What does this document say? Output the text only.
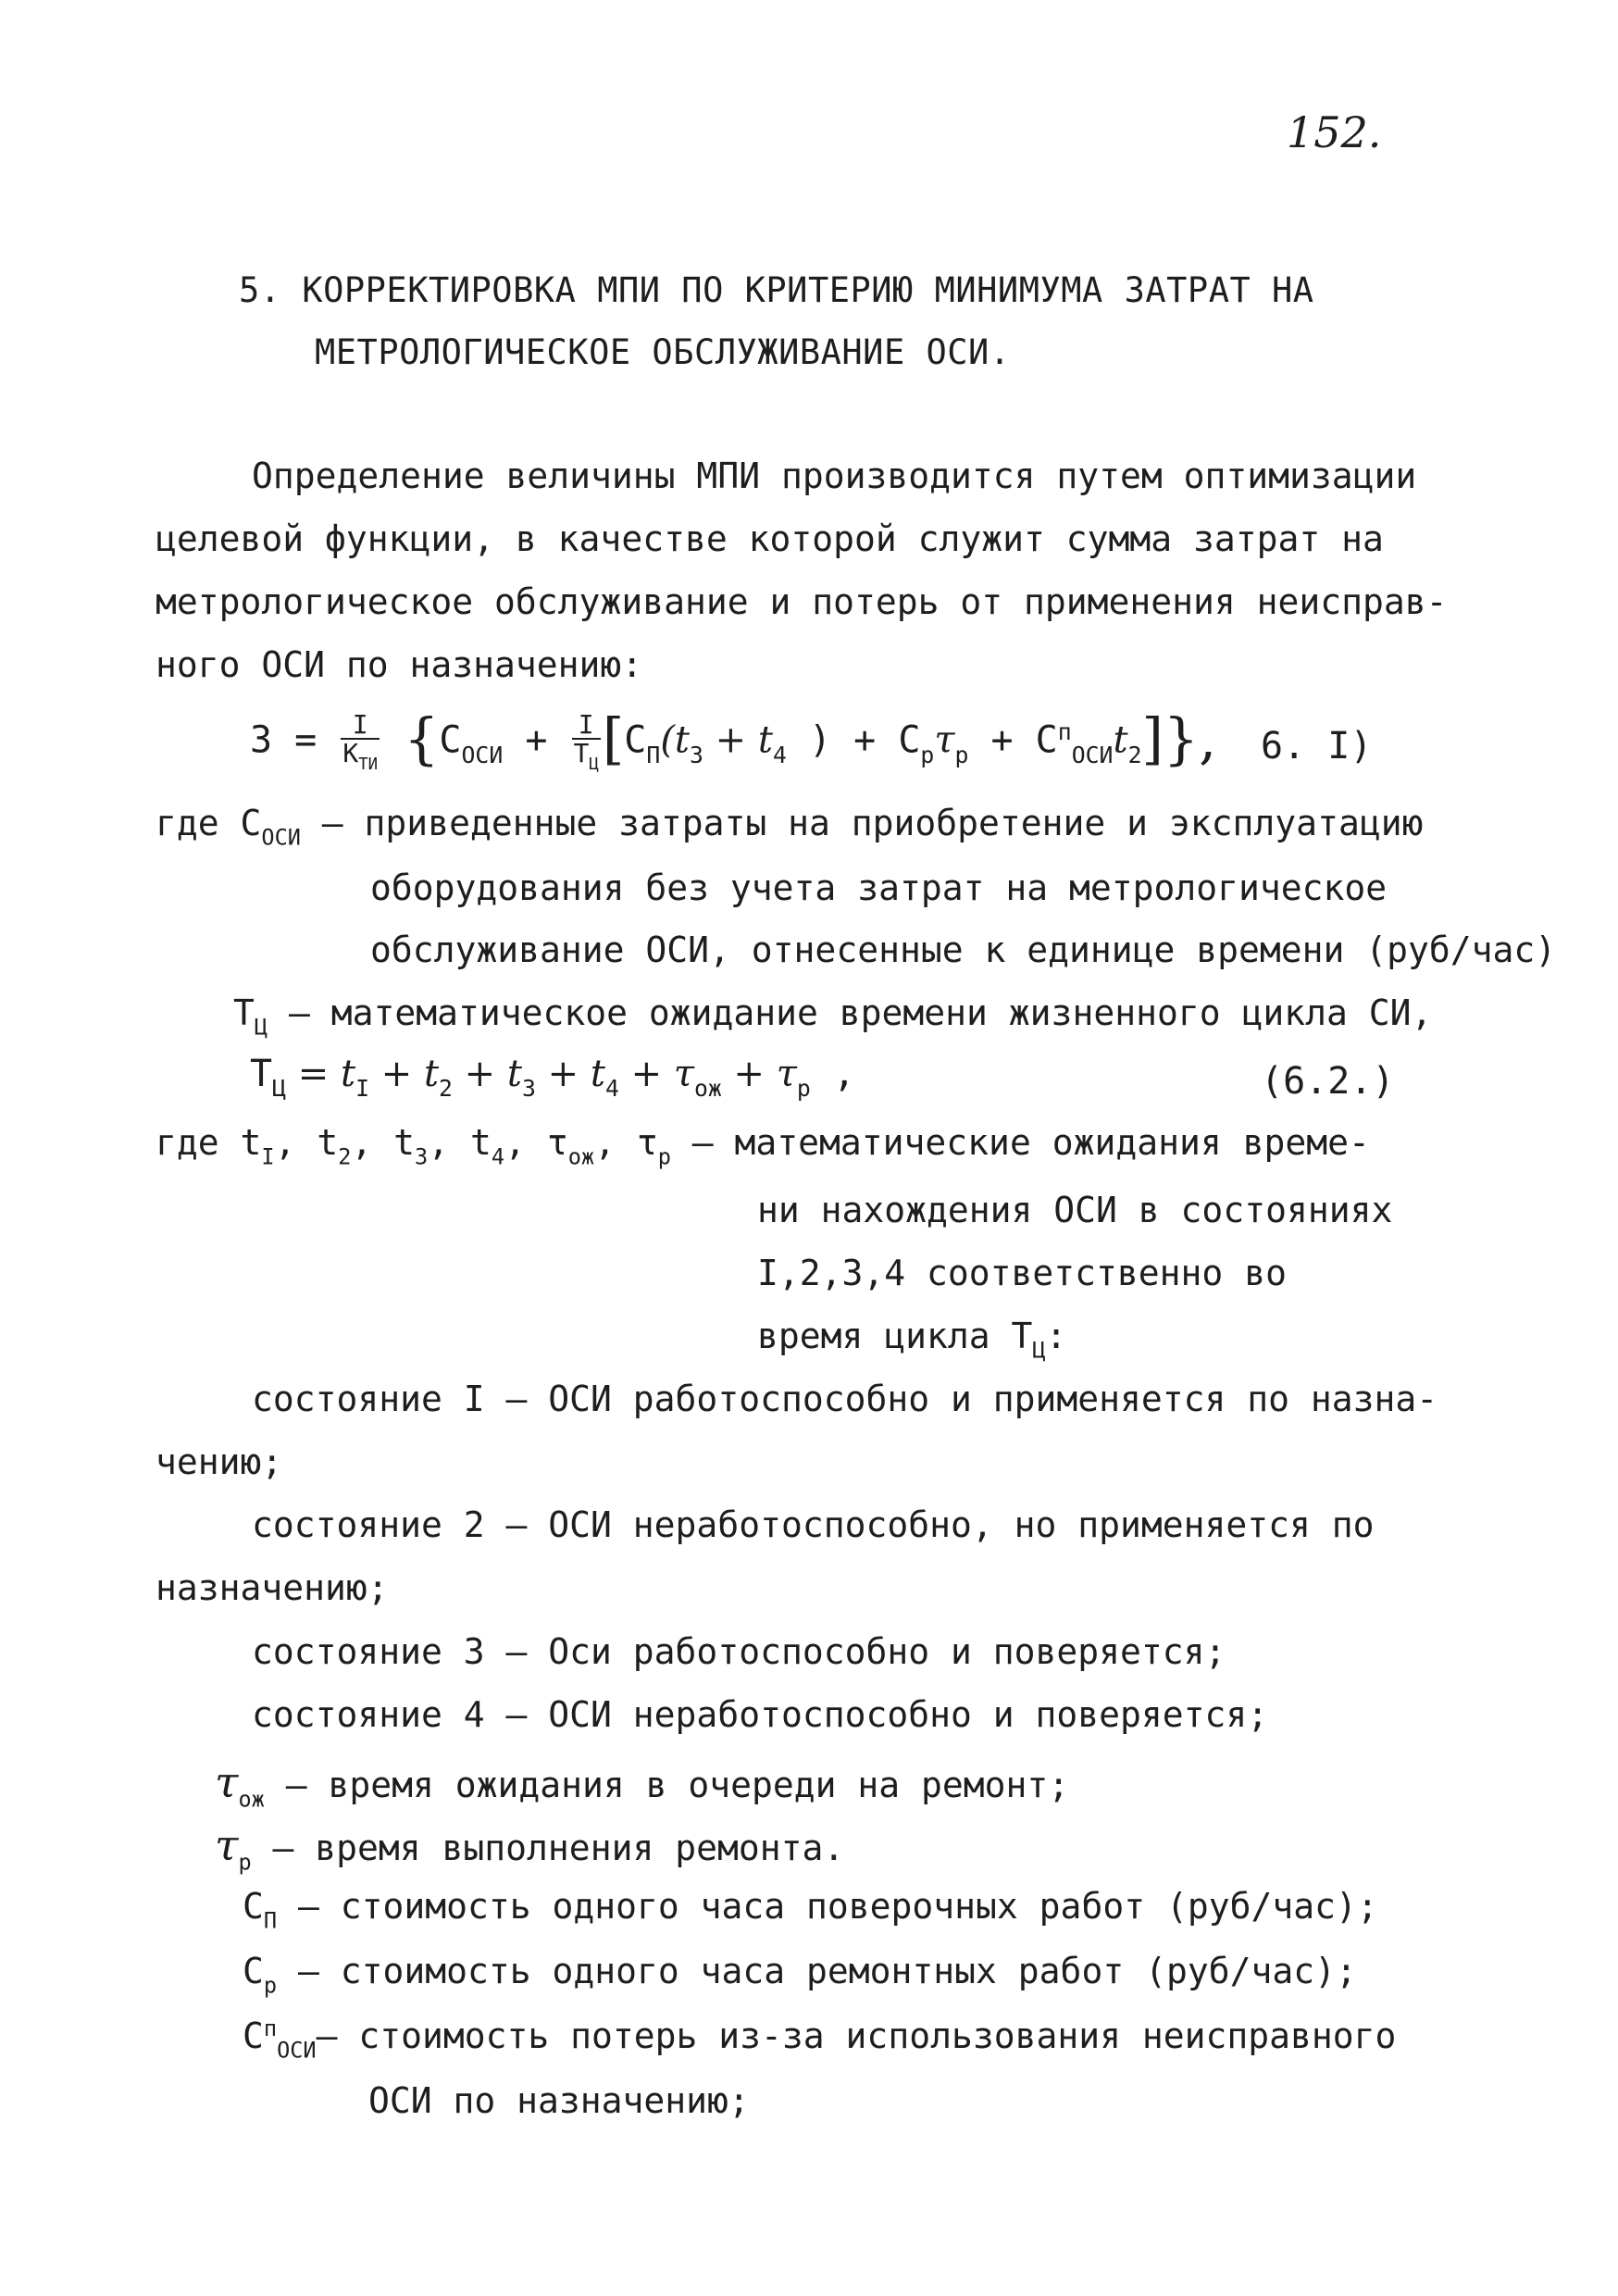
152.
5. КОРРЕКТИРОВКА МПИ ПО КРИТЕРИЮ МИНИМУМА ЗАТРАТ НА
МЕТРОЛОГИЧЕСКОЕ ОБСЛУЖИВАНИЕ ОСИ.
Определение величины МПИ производится путем оптимизации
целевой функции, в качестве которой служит сумма затрат на
метрологическое обслуживание и потерь от применения неисправ-
ного ОСИ по назначению:
$З = \frac{I}{K_{ТИ}} \{C_{ОСИ} + \frac{I}{T_Ц} [C_П(t_3 + t_4$ ) + $C_p\tau_p + C^п_{ОСИ}t_2$]}, 6. I)
где $C_{ОСИ}$ – приведенные затраты на приобретение и эксплуатацию
оборудования без учета затрат на метрологическое
обслуживание ОСИ, отнесенные к единице времени (руб/час)
$T_Ц$ – математическое ожидание времени жизненного цикла СИ,
$T_Ц = t_I + t_2 + t_3 + t_4 + \tau_{ож} + \tau_p$ ,	(6.2.)
где $t_I$, $t_2$, $t_3$, $t_4$, $\tau_{ож}$, $\tau_p$ – математические ожидания време-
ни нахождения ОСИ в состояниях
I,2,3,4 соответственно во
время цикла $T_Ц$:
состояние I – ОСИ работоспособно и применяется по назна-
чению;
состояние 2 – ОСИ неработоспособно, но применяется по
назначению;
состояние 3 – Оси работоспособно и поверяется;
состояние 4 – ОСИ неработоспособно и поверяется;
$\tau_{ож}$ – время ожидания в очереди на ремонт;
$\tau_p$ – время выполнения ремонта.
$C_П$ – стоимость одного часа поверочных работ (руб/час);
$C_p$ – стоимость одного часа ремонтных работ (руб/час);
$C^п_{ОСИ}-$ стоимость потерь из-за использования неисправного
ОСИ по назначению;
